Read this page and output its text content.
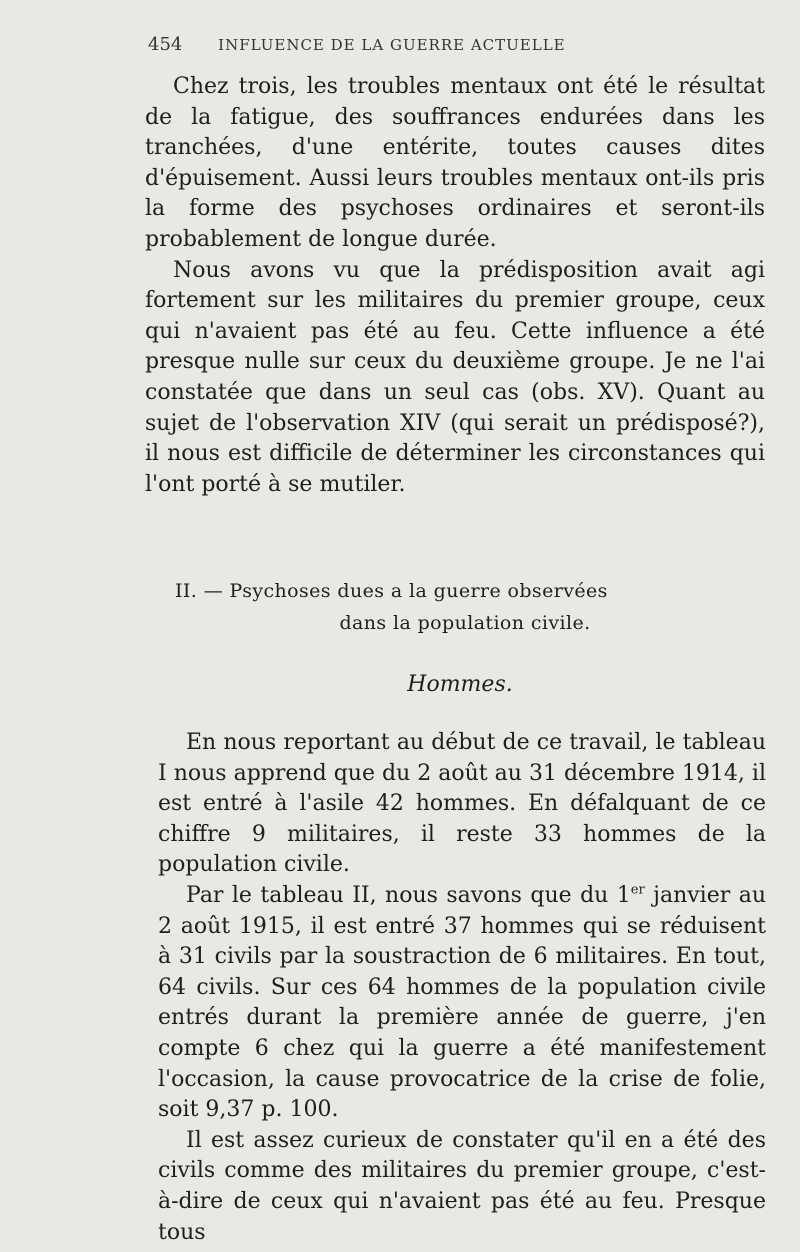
454 INFLUENCE DE LA GUERRE ACTUELLE

Chez trois, les troubles mentaux ont été le résultat de la fatigue, des souffrances endurées dans les tranchées, d'une entérite, toutes causes dites d'épuisement. Aussi leurs troubles mentaux ont-ils pris la forme des psychoses ordinaires et seront-ils probablement de longue durée.

Nous avons vu que la prédisposition avait agi fortement sur les militaires du premier groupe, ceux qui n'avaient pas été au feu. Cette influence a été presque nulle sur ceux du deuxième groupe. Je ne l'ai constatée que dans un seul cas (obs. XV). Quant au sujet de l'observation XIV (qui serait un prédisposé?), il nous est difficile de déterminer les circonstances qui l'ont porté à se mutiler.

II. — Psychoses dues a la guerre observées
dans la population civile.
Hommes.

En nous reportant au début de ce travail, le tableau I nous apprend que du 2 août au 31 décembre 1914, il est entré à l'asile 42 hommes. En défalquant de ce chiffre 9 militaires, il reste 33 hommes de la population civile.

Par le tableau II, nous savons que du 1er janvier au 2 août 1915, il est entré 37 hommes qui se réduisent à 31 civils par la soustraction de 6 militaires. En tout, 64 civils. Sur ces 64 hommes de la population civile entrés durant la première année de guerre, j'en compte 6 chez qui la guerre a été manifestement l'occasion, la cause provocatrice de la crise de folie, soit 9,37 p. 100.

Il est assez curieux de constater qu'il en a été des civils comme des militaires du premier groupe, c'est-à-dire de ceux qui n'avaient pas été au feu. Presque tous
